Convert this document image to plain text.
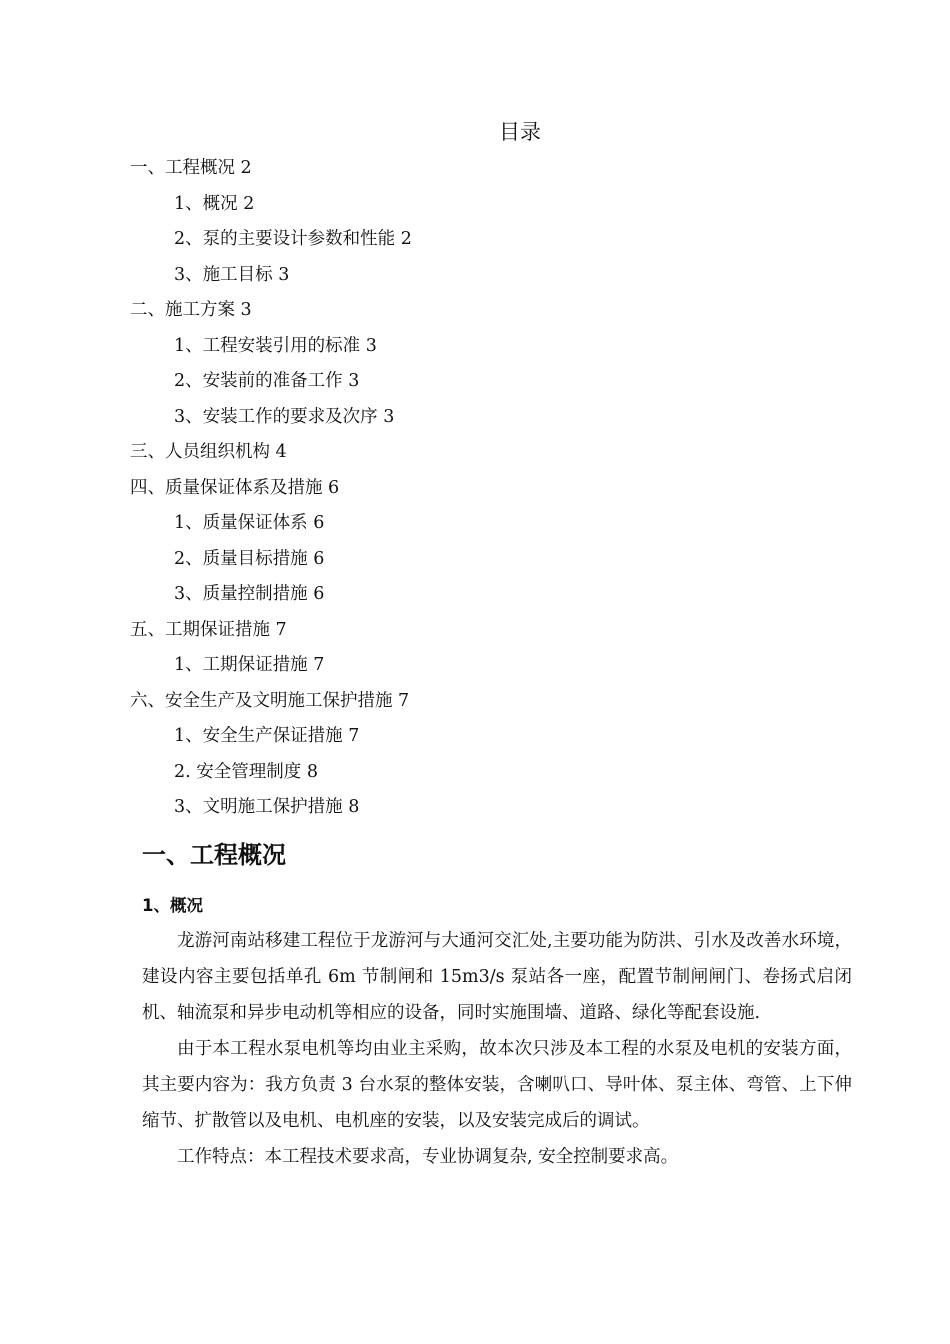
目录
一、工程概况 2
1、概况 2
2、泵的主要设计参数和性能 2
3、施工目标 3
二、施工方案 3
1、工程安装引用的标准 3
2、安装前的准备工作 3
3、安装工作的要求及次序 3
三、人员组织机构 4
四、质量保证体系及措施 6
1、质量保证体系 6
2、质量目标措施 6
3、质量控制措施 6
五、工期保证措施 7
1、工期保证措施 7
六、安全生产及文明施工保护措施 7
1、安全生产保证措施 7
2. 安全管理制度 8
3、文明施工保护措施 8
一、工程概况
1、概况

龙游河南站移建工程位于龙游河与大通河交汇处,主要功能为防洪、引水及改善水环境，建设内容主要包括单孔 6m 节制闸和 15m3/s 泵站各一座，配置节制闸闸门、卷扬式启闭机、轴流泵和异步电动机等相应的设备，同时实施围墙、道路、绿化等配套设施.

由于本工程水泵电机等均由业主采购，故本次只涉及本工程的水泵及电机的安装方面，其主要内容为：我方负责 3 台水泵的整体安装，含喇叭口、导叶体、泵主体、弯管、上下伸缩节、扩散管以及电机、电机座的安装，以及安装完成后的调试。

工作特点：本工程技术要求高，专业协调复杂, 安全控制要求高。
